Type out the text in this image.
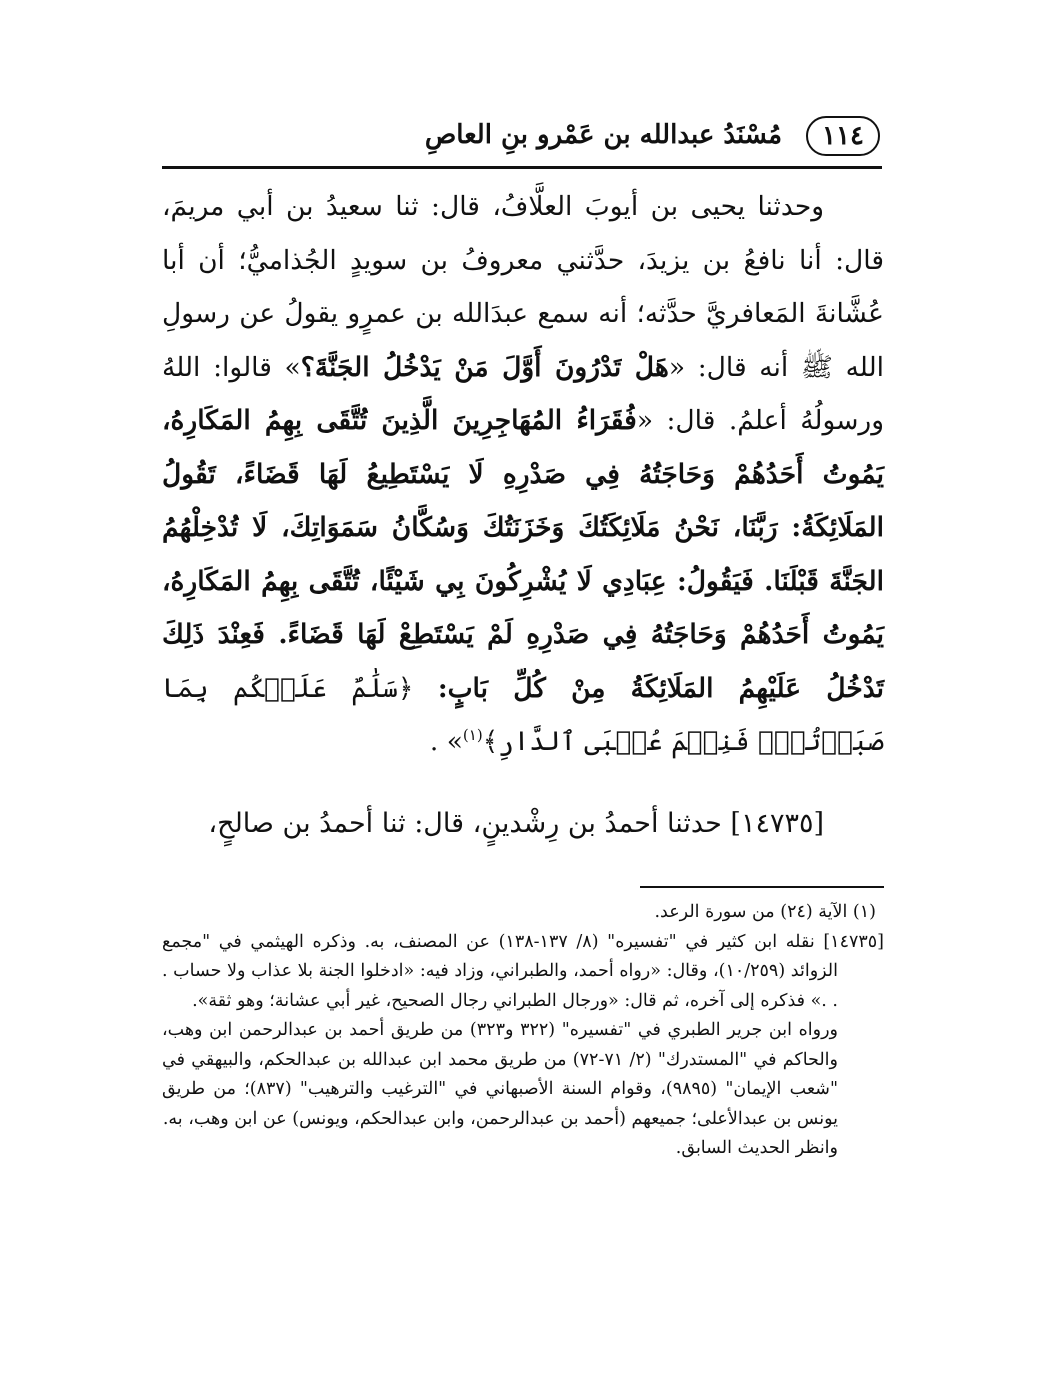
١١٤
مُسْنَدُ عبدالله بن عَمْرو بنِ العاصِ

وحدثنا يحيى بن أيوبَ العلَّافُ، قال: ثنا سعيدُ بن أبي مريمَ، قال: أنا نافعُ بن يزيدَ، حدَّثني معروفُ بن سويدٍ الجُذاميُّ؛ أن أبا عُشَّانةَ المَعافريَّ حدَّثه؛ أنه سمع عبدَالله بن عمرٍو يقولُ عن رسولِ الله ﷺ أنه قال: «هَلْ تَدْرُونَ أَوَّلَ مَنْ يَدْخُلُ الجَنَّةَ؟» قالوا: اللهُ ورسولُهُ أعلمُ. قال: «فُقَرَاءُ المُهَاجِرِينَ الَّذِينَ تُتَّقَى بِهِمُ المَكَارِهُ، يَمُوتُ أَحَدُهُمْ وَحَاجَتُهُ فِي صَدْرِهِ لَا يَسْتَطِيعُ لَهَا قَضَاءً، تَقُولُ المَلَائِكَةُ: رَبَّنَا، نَحْنُ مَلَائِكَتُكَ وَخَزَنَتُكَ وَسُكَّانُ سَمَوَاتِكَ، لَا تُدْخِلْهُمُ الجَنَّةَ قَبْلَنَا. فَيَقُولُ: عِبَادِي لَا يُشْرِكُونَ بِي شَيْئًا، تُتَّقَى بِهِمُ المَكَارِهُ، يَمُوتُ أَحَدُهُمْ وَحَاجَتُهُ فِي صَدْرِهِ لَمْ يَسْتَطِعْ لَهَا قَضَاءً. فَعِنْدَ ذَلِكَ تَدْخُلُ عَلَيْهِمُ المَلَائِكَةُ مِنْ كُلِّ بَابٍ: ﴿سَلَٰمٌ عَلَيۡكُم بِمَا صَبَرۡتُمۡۚ فَنِعۡمَ عُقۡبَى ٱلدَّارِ﴾$^{(١)}$» .

[١٤٧٣٥] حدثنا أحمدُ بن رِشْدينٍ، قال: ثنا أحمدُ بن صالحٍ،

(١) الآية (٢٤) من سورة الرعد.

[١٤٧٣٥] نقله ابن كثير في "تفسيره" (٨/ ١٣٧-١٣٨) عن المصنف، به. وذكره الهيثمي في "مجمع الزوائد (١٠/٢٥٩)، وقال: «رواه أحمد، والطبراني، وزاد فيه: «ادخلوا الجنة بلا عذاب ولا حساب . . .» فذكره إلى آخره، ثم قال: «ورجال الطبراني رجال الصحيح، غير أبي عشانة؛ وهو ثقة».

ورواه ابن جرير الطبري في "تفسيره" (٣٢٢ و٣٢٣) من طريق أحمد بن عبدالرحمن ابن وهب، والحاكم في "المستدرك" (٢/ ٧١-٧٢) من طريق محمد ابن عبدالله بن عبدالحكم، والبيهقي في "شعب الإيمان" (٩٨٩٥)، وقوام السنة الأصبهاني في "الترغيب والترهيب" (٨٣٧)؛ من طريق يونس بن عبدالأعلى؛ جميعهم (أحمد بن عبدالرحمن، وابن عبدالحكم، ويونس) عن ابن وهب، به.

وانظر الحديث السابق.
